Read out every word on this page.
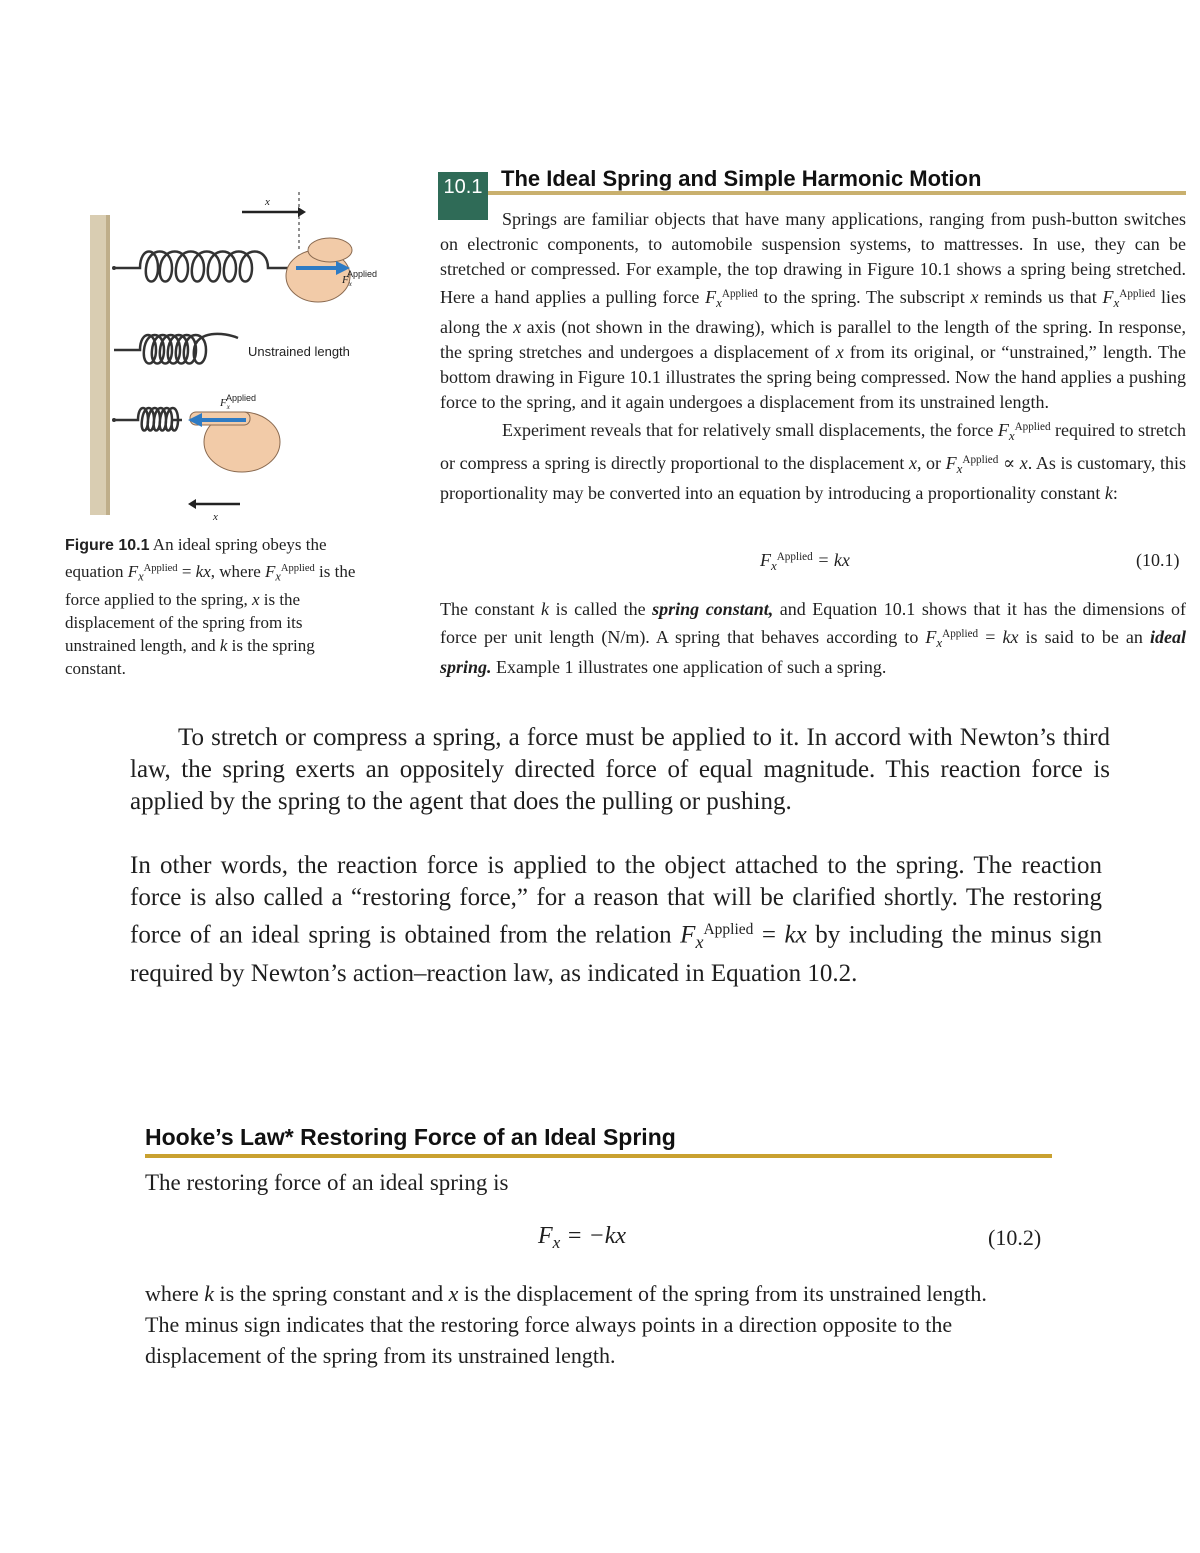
x
$F_x$
Applied
Unstrained length
$F_x$
Applied
x
Figure 10.1 An ideal spring obeys the equation $F_x^{Applied}$ = kx, where $F_x^{Applied}$ is the force applied to the spring, x is the displacement of the spring from its unstrained length, and k is the spring constant.
10.1 The Ideal Spring and Simple Harmonic Motion

Springs are familiar objects that have many applications, ranging from push-button switches on electronic components, to automobile suspension systems, to mattresses. In use, they can be stretched or compressed. For example, the top drawing in Figure 10.1 shows a spring being stretched. Here a hand applies a pulling force $F_x^{Applied}$ to the spring. The subscript x reminds us that $F_x^{Applied}$ lies along the x axis (not shown in the drawing), which is parallel to the length of the spring. In response, the spring stretches and undergoes a displacement of x from its original, or “unstrained,” length. The bottom drawing in Figure 10.1 illustrates the spring being compressed. Now the hand applies a pushing force to the spring, and it again undergoes a displacement from its unstrained length.

Experiment reveals that for relatively small displacements, the force $F_x^{Applied}$ required to stretch or compress a spring is directly proportional to the displacement x, or $F_x^{Applied} \propto x$. As is customary, this proportionality may be converted into an equation by introducing a proportionality constant k:

$F_x^{Applied}$ = kx	(10.1)

The constant k is called the spring constant, and Equation 10.1 shows that it has the dimensions of force per unit length (N/m). A spring that behaves according to $F_x^{Applied}$ = kx is said to be an ideal spring. Example 1 illustrates one application of such a spring.

To stretch or compress a spring, a force must be applied to it. In accord with Newton’s third law, the spring exerts an oppositely directed force of equal magnitude. This reaction force is applied by the spring to the agent that does the pulling or pushing.

In other words, the reaction force is applied to the object attached to the spring. The reaction force is also called a “restoring force,” for a reason that will be clarified shortly. The restoring force of an ideal spring is obtained from the relation $F_x^{Applied}$ = kx by including the minus sign required by Newton’s action–reaction law, as indicated in Equation 10.2.

Hooke’s Law* Restoring Force of an Ideal Spring

The restoring force of an ideal spring is

$F_x = -kx$	(10.2)

where k is the spring constant and x is the displacement of the spring from its unstrained length. The minus sign indicates that the restoring force always points in a direction opposite to the displacement of the spring from its unstrained length.
